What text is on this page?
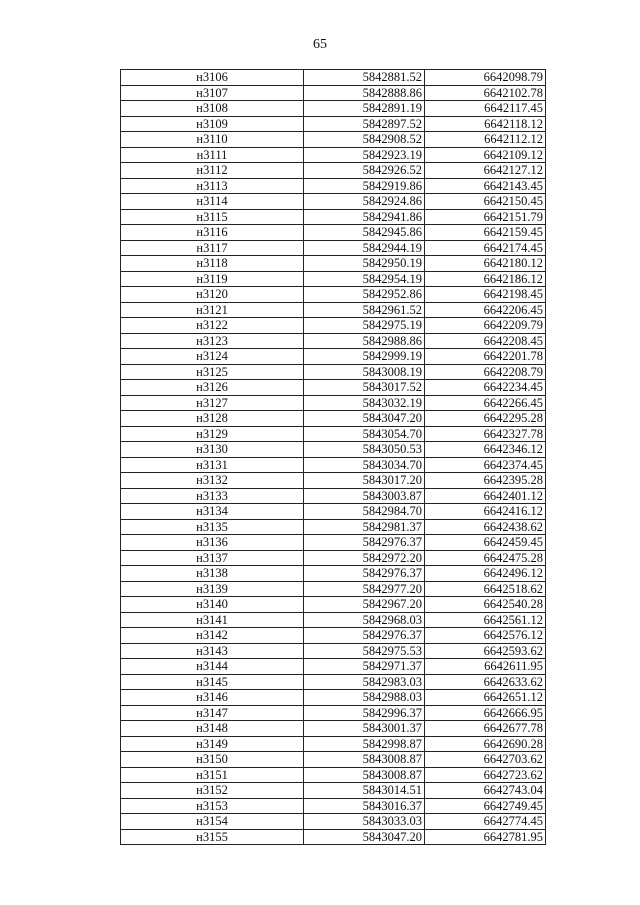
65
н3106	5842881.52	6642098.79
н3107	5842888.86	6642102.78
н3108	5842891.19	6642117.45
н3109	5842897.52	6642118.12
н3110	5842908.52	6642112.12
н3111	5842923.19	6642109.12
н3112	5842926.52	6642127.12
н3113	5842919.86	6642143.45
н3114	5842924.86	6642150.45
н3115	5842941.86	6642151.79
н3116	5842945.86	6642159.45
н3117	5842944.19	6642174.45
н3118	5842950.19	6642180.12
н3119	5842954.19	6642186.12
н3120	5842952.86	6642198.45
н3121	5842961.52	6642206.45
н3122	5842975.19	6642209.79
н3123	5842988.86	6642208.45
н3124	5842999.19	6642201.78
н3125	5843008.19	6642208.79
н3126	5843017.52	6642234.45
н3127	5843032.19	6642266.45
н3128	5843047.20	6642295.28
н3129	5843054.70	6642327.78
н3130	5843050.53	6642346.12
н3131	5843034.70	6642374.45
н3132	5843017.20	6642395.28
н3133	5843003.87	6642401.12
н3134	5842984.70	6642416.12
н3135	5842981.37	6642438.62
н3136	5842976.37	6642459.45
н3137	5842972.20	6642475.28
н3138	5842976.37	6642496.12
н3139	5842977.20	6642518.62
н3140	5842967.20	6642540.28
н3141	5842968.03	6642561.12
н3142	5842976.37	6642576.12
н3143	5842975.53	6642593.62
н3144	5842971.37	6642611.95
н3145	5842983.03	6642633.62
н3146	5842988.03	6642651.12
н3147	5842996.37	6642666.95
н3148	5843001.37	6642677.78
н3149	5842998.87	6642690.28
н3150	5843008.87	6642703.62
н3151	5843008.87	6642723.62
н3152	5843014.51	6642743.04
н3153	5843016.37	6642749.45
н3154	5843033.03	6642774.45
н3155	5843047.20	6642781.95
